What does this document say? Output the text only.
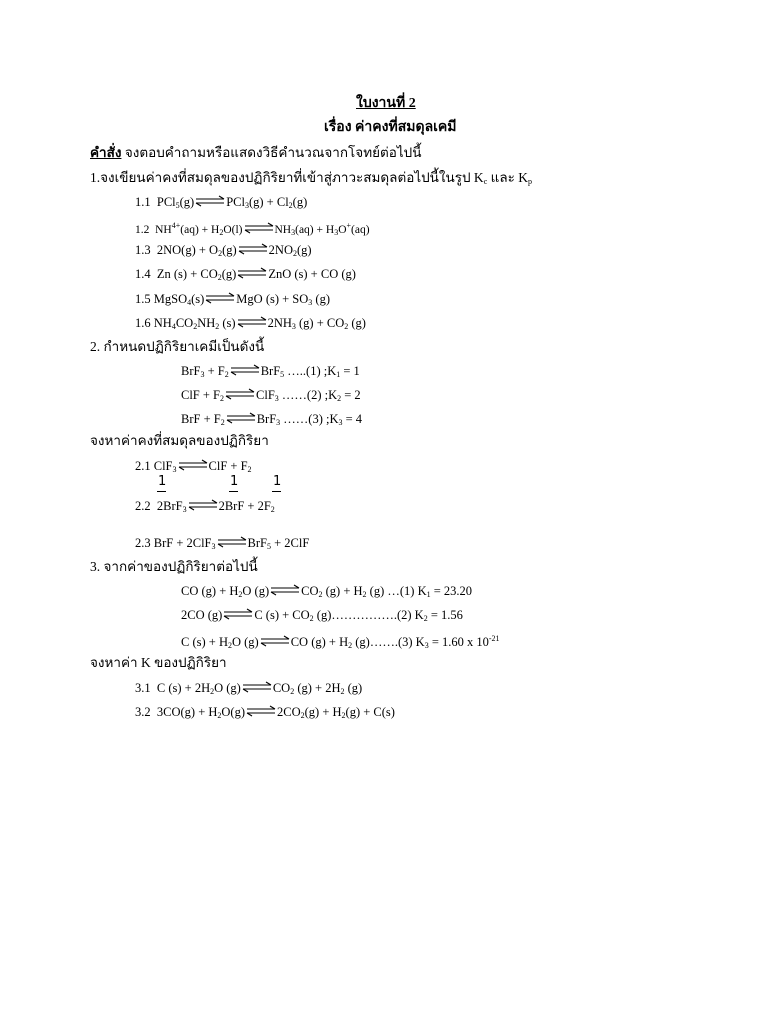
ใบงานที่ 2
เรื่อง ค่าคงที่สมดุลเคมี
คำสั่ง จงตอบคำถามหรือแสดงวิธีคำนวณจากโจทย์ต่อไปนี้
1.จงเขียนค่าคงที่สมดุลของปฏิกิริยาที่เข้าสู่ภาวะสมดุลต่อไปนี้ในรูป $K_c$ และ $K_p$
1.1  PCl$_5$(g)	$PCl_3(g) + Cl_2(g)$
1.2  $NH^{4+}(aq) + H_2O(l)$	$NH_3(aq) + H_3O^+(aq)$
1.3  $2NO(g) + O_2(g)$	$2NO_2(g)$
1.4  Zn $(s) + CO_2(g)$	ZnO (s) + CO (g)
1.5 MgSO$_4$(s)	MgO $(s) + SO_3$ (g)
1.6 $NH_4CO_2NH_2$ (s)	$2NH_3$ $(g) + CO_2$ (g)
2. กำหนดปฏิกิริยาเคมีเป็นดังนี้
$BrF_3 + F_2$	BrF$_5$ …..(1) $;K_1 = 1$
ClF + $F_2$	ClF$_3$ ……(2) $;K_2 = 2$
BrF + $F_2$	BrF$_3$ ……(3) $;K_3 = 4$
จงหาค่าคงที่สมดุลของปฏิกิริยา
2.1 ClF$_3$	ClF + $F_2$
1	1	1
2.2  2BrF$_3$	$2BrF + 2F_2$
2.3 BrF + 2ClF$_3$	BrF$_5$ + 2ClF
3. จากค่าของปฏิกิริยาต่อไปนี้
CO $(g) + H_2O$ (g)	$CO_2$ $(g) + H_2$ (g) …(1) $K_1 = 23.20$
2CO (g)	C $(s) + CO_2$ (g)…………….(2) $K_2 = 1.56$
C $(s) + H_2O$ (g)	CO $(g) + H_2$ (g)…….(3) $K_3 = 1.60$ x $10^{-21}$
จงหาค่า K ของปฏิกิริยา
3.1  C $(s) + 2H_2O$ (g)	$CO_2$ $(g) + 2H_2$ (g)
3.2  $3CO(g) + H_2O(g)$	$2CO_2(g) + H_2(g) + C(s)$
